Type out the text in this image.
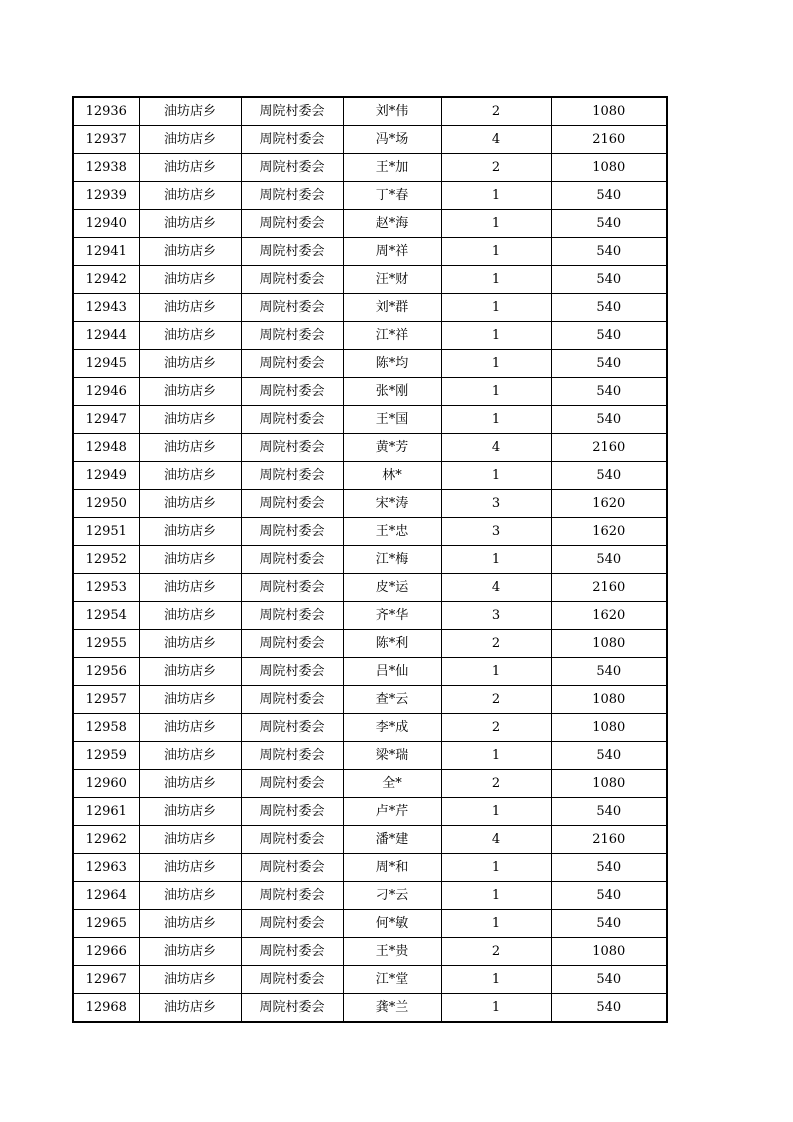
12936	油坊店乡	周院村委会	刘*伟	2	1080
12937	油坊店乡	周院村委会	冯*场	4	2160
12938	油坊店乡	周院村委会	王*加	2	1080
12939	油坊店乡	周院村委会	丁*春	1	540
12940	油坊店乡	周院村委会	赵*海	1	540
12941	油坊店乡	周院村委会	周*祥	1	540
12942	油坊店乡	周院村委会	汪*财	1	540
12943	油坊店乡	周院村委会	刘*群	1	540
12944	油坊店乡	周院村委会	江*祥	1	540
12945	油坊店乡	周院村委会	陈*均	1	540
12946	油坊店乡	周院村委会	张*刚	1	540
12947	油坊店乡	周院村委会	王*国	1	540
12948	油坊店乡	周院村委会	黄*芳	4	2160
12949	油坊店乡	周院村委会	林*	1	540
12950	油坊店乡	周院村委会	宋*涛	3	1620
12951	油坊店乡	周院村委会	王*忠	3	1620
12952	油坊店乡	周院村委会	江*梅	1	540
12953	油坊店乡	周院村委会	皮*运	4	2160
12954	油坊店乡	周院村委会	齐*华	3	1620
12955	油坊店乡	周院村委会	陈*利	2	1080
12956	油坊店乡	周院村委会	吕*仙	1	540
12957	油坊店乡	周院村委会	查*云	2	1080
12958	油坊店乡	周院村委会	李*成	2	1080
12959	油坊店乡	周院村委会	梁*瑞	1	540
12960	油坊店乡	周院村委会	全*	2	1080
12961	油坊店乡	周院村委会	卢*芹	1	540
12962	油坊店乡	周院村委会	潘*建	4	2160
12963	油坊店乡	周院村委会	周*和	1	540
12964	油坊店乡	周院村委会	刁*云	1	540
12965	油坊店乡	周院村委会	何*敏	1	540
12966	油坊店乡	周院村委会	王*贵	2	1080
12967	油坊店乡	周院村委会	江*堂	1	540
12968	油坊店乡	周院村委会	龚*兰	1	540
